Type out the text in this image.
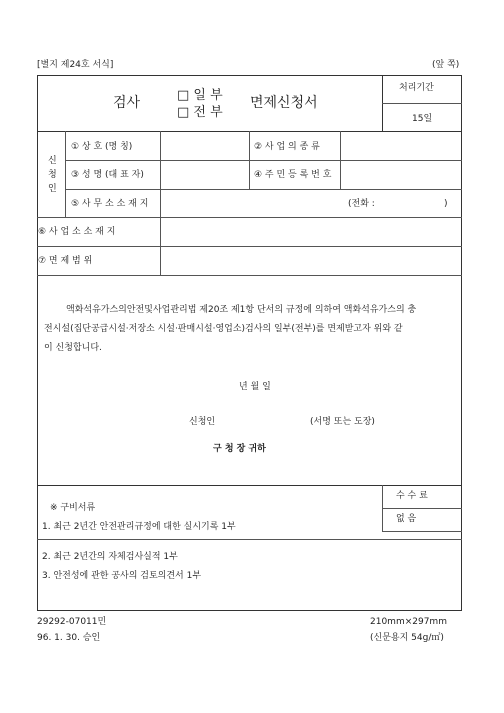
[별지 제24호 서식]	(앞 쪽)
검사	□ 일 부
□ 전 부
면제신청서
처리기간
15일
신
청
인
① 상 호 (명 칭)	② 사 업 의 종 류
③ 성 명 (대 표 자)	④ 주 민 등 록 번 호
⑤ 사 무 소 소 재 지	(전화 :	)
⑥ 사 업 소 소 재 지
⑦ 면 제 범 위
액화석유가스의안전및사업관리법 제20조 제1항 단서의 규정에 의하여 액화석유가스의 충
전시설(집단공급시설·저장소 시설·판매시설·영업소)검사의 일부(전부)를 면제받고자 위와 같
이 신청합니다.
년 월 일
신청인	(서명 또는 도장)
구 청 장 귀하
수 수 료
없 음
※ 구비서류
1. 최근 2년간 안전관리규정에 대한 실시기록 1부
2. 최근 2년간의 자체검사실적 1부
3. 안전성에 관한 공사의 검토의견서 1부
29292-07011민
96. 1. 30. 승인
210mm×297mm
(신문용지 54g/㎡)
